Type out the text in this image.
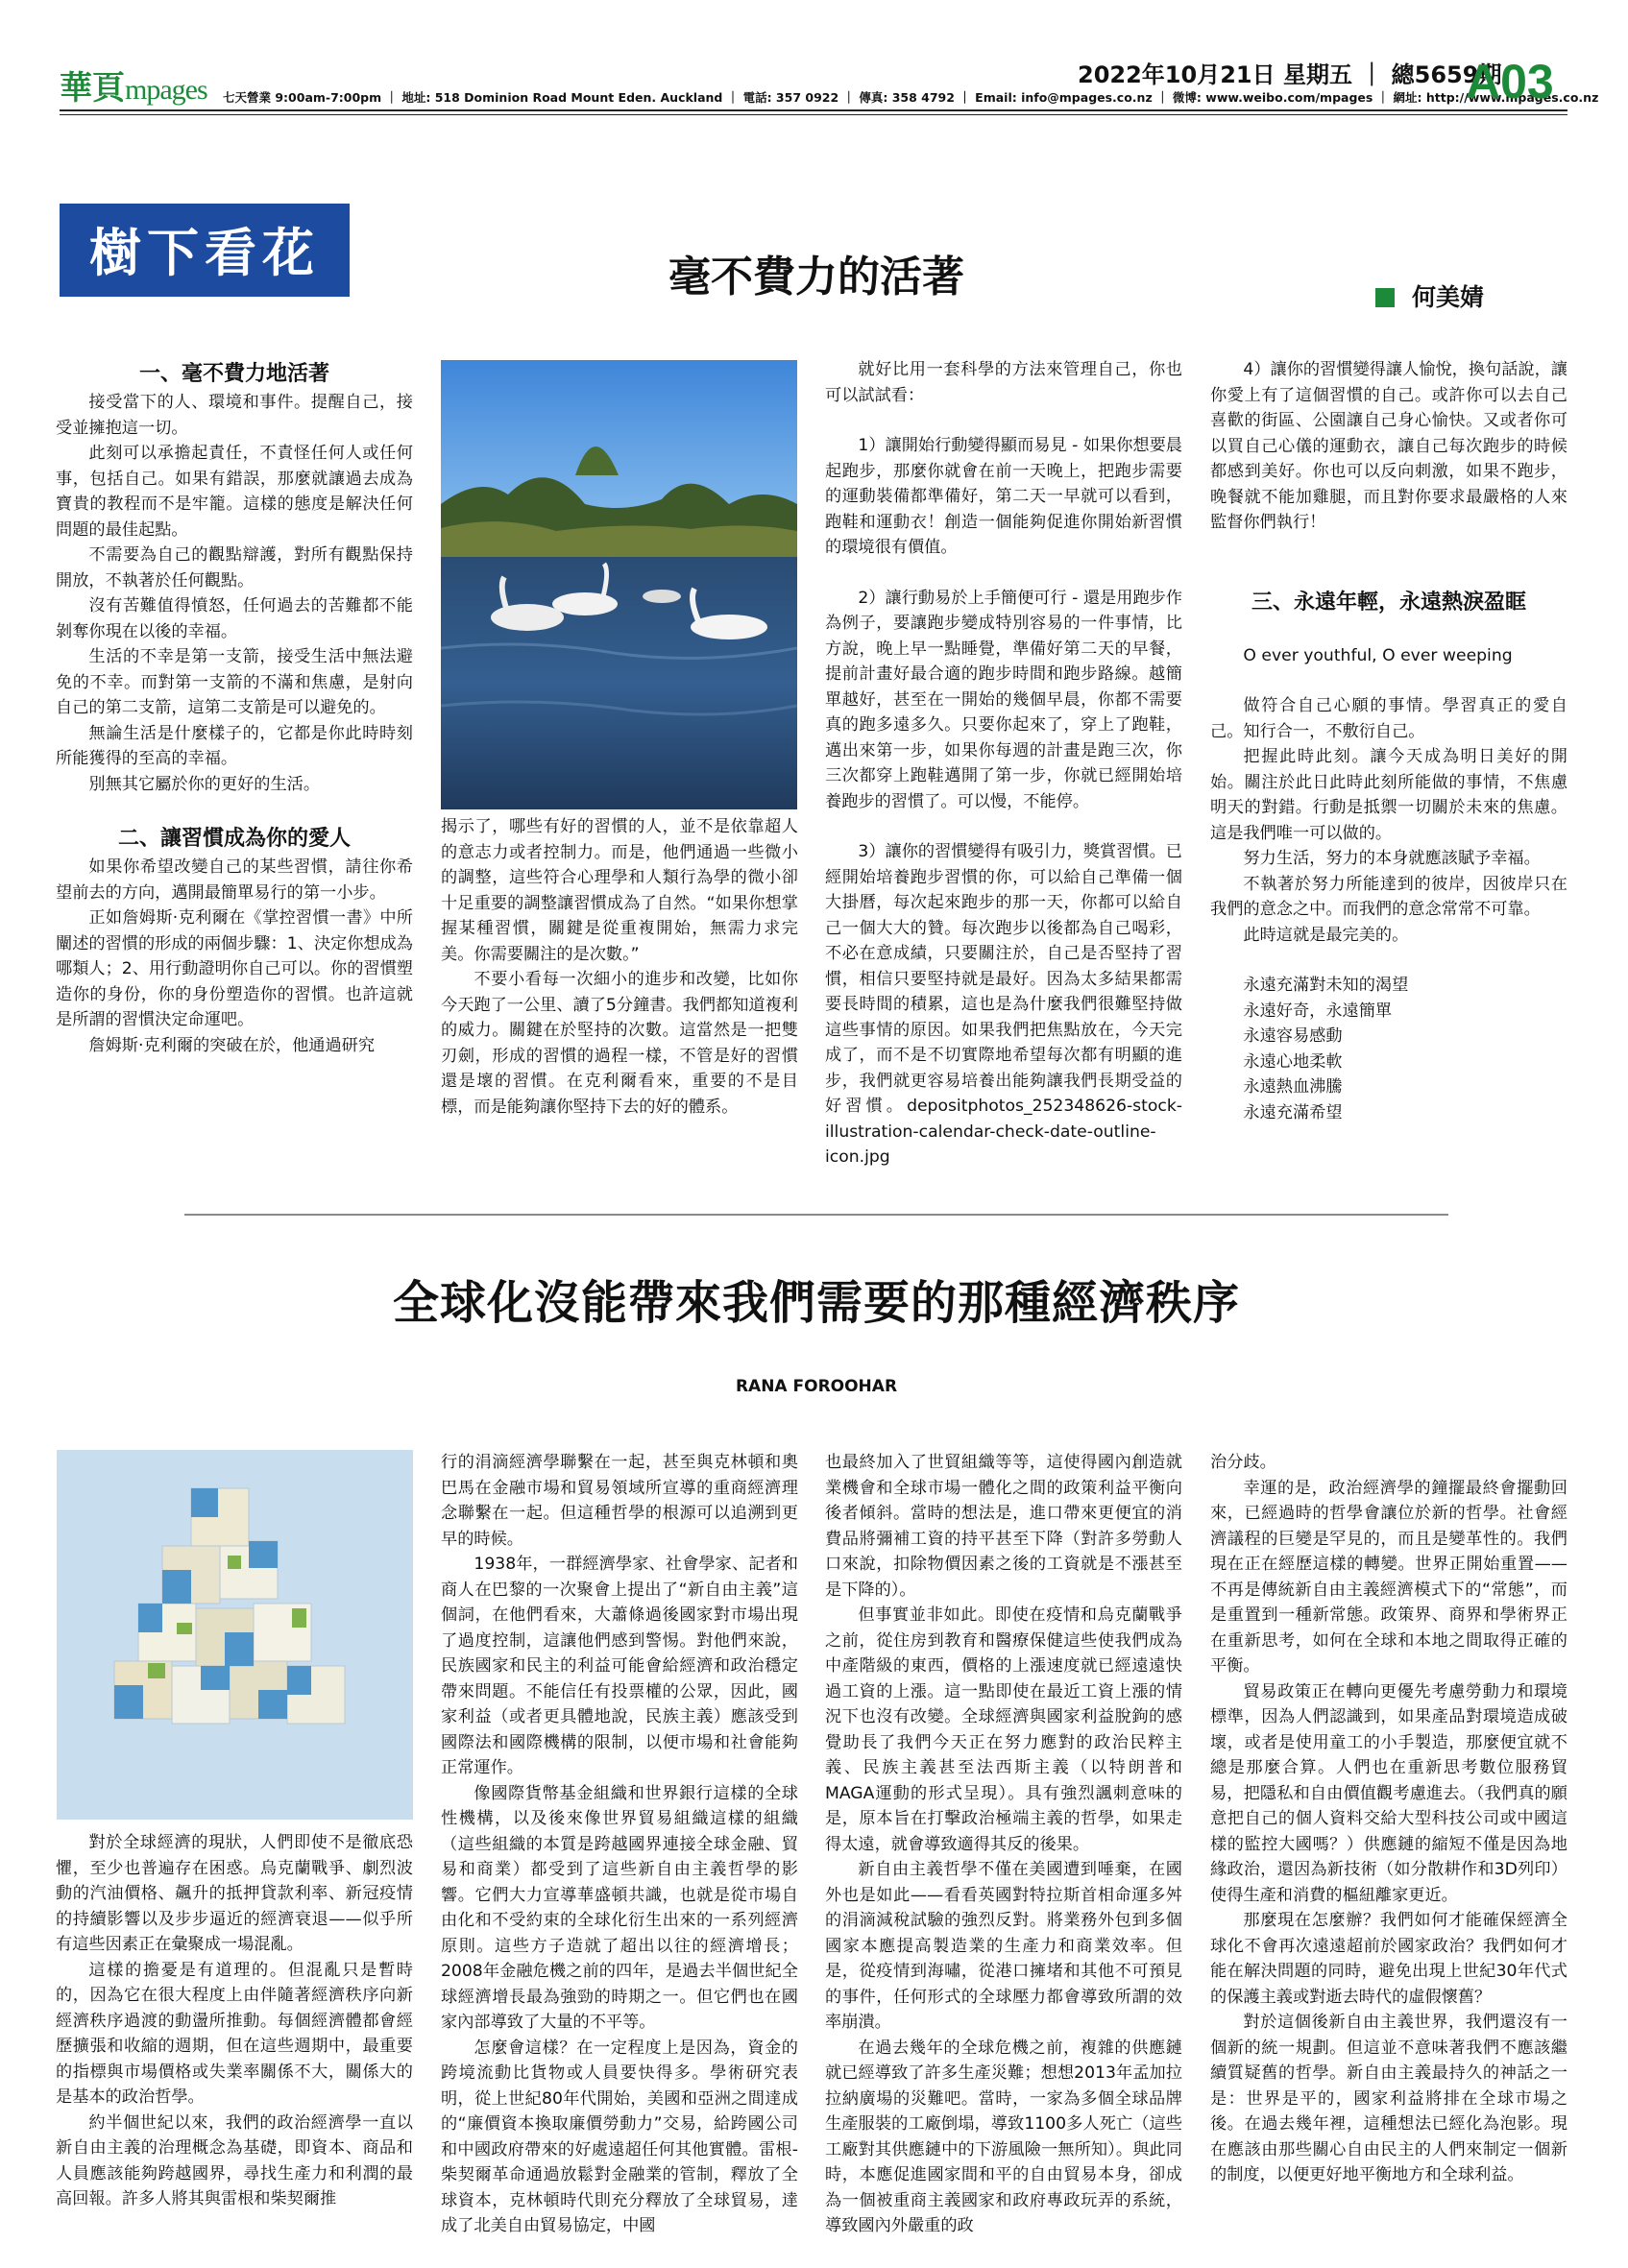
華頁mpages 七天營業 9:00am-7:00pm ｜ 地址: 518 Dominion Road Mount Eden. Auckland ｜ 電話: 357 0922 ｜ 傳真: 358 4792 ｜ Email: info@mpages.co.nz ｜ 微博: www.weibo.com/mpages ｜ 網址: http://www.mpages.co.nz
2022年10月21日 星期五 ｜ 總5659期
A03
樹下看花	毫不費力的活著	何美婧
一、毫不費力地活著

接受當下的人、環境和事件。提醒自己，接受並擁抱這一切。

此刻可以承擔起責任，不責怪任何人或任何事，包括自己。如果有錯誤，那麼就讓過去成為寶貴的教程而不是牢籠。這樣的態度是解決任何問題的最佳起點。

不需要為自己的觀點辯護，對所有觀點保持開放，不執著於任何觀點。

沒有苦難值得憤怒，任何過去的苦難都不能剝奪你現在以後的幸福。

生活的不幸是第一支箭，接受生活中無法避免的不幸。而對第一支箭的不滿和焦慮，是射向自己的第二支箭，這第二支箭是可以避免的。

無論生活是什麼樣子的，它都是你此時時刻所能獲得的至高的幸福。

別無其它屬於你的更好的生活。

二、讓習慣成為你的愛人

如果你希望改變自己的某些習慣，請往你希望前去的方向，邁開最簡單易行的第一小步。

正如詹姆斯·克利爾在《掌控習慣一書》中所闡述的習慣的形成的兩個步驟：1、決定你想成為哪類人；2、用行動證明你自己可以。你的習慣塑造你的身份，你的身份塑造你的習慣。也許這就是所謂的習慣決定命運吧。

詹姆斯·克利爾的突破在於，他通過研究

揭示了，哪些有好的習慣的人，並不是依靠超人的意志力或者控制力。而是，他們通過一些微小的調整，這些符合心理學和人類行為學的微小卻十足重要的調整讓習慣成為了自然。“如果你想掌握某種習慣，關鍵是從重複開始，無需力求完美。你需要關注的是次數。”

不要小看每一次細小的進步和改變，比如你今天跑了一公里、讀了5分鐘書。我們都知道複利的威力。關鍵在於堅持的次數。這當然是一把雙刃劍，形成的習慣的過程一樣，不管是好的習慣還是壞的習慣。在克利爾看來，重要的不是目標，而是能夠讓你堅持下去的好的體系。

就好比用一套科學的方法來管理自己，你也可以試試看：

1）讓開始行動變得顯而易見 - 如果你想要晨起跑步，那麼你就會在前一天晚上，把跑步需要的運動裝備都準備好，第二天一早就可以看到，跑鞋和運動衣！創造一個能夠促進你開始新習慣的環境很有價值。

2）讓行動易於上手簡便可行 - 還是用跑步作為例子，要讓跑步變成特別容易的一件事情，比方說，晚上早一點睡覺，準備好第二天的早餐，提前計畫好最合適的跑步時間和跑步路線。越簡單越好，甚至在一開始的幾個早晨，你都不需要真的跑多遠多久。只要你起來了，穿上了跑鞋，邁出來第一步，如果你每週的計畫是跑三次，你三次都穿上跑鞋邁開了第一步，你就已經開始培養跑步的習慣了。可以慢，不能停。

3）讓你的習慣變得有吸引力，獎賞習慣。已經開始培養跑步習慣的你，可以給自己準備一個大掛曆，每次起來跑步的那一天，你都可以給自己一個大大的贊。每次跑步以後都為自己喝彩，不必在意成績，只要關注於，自己是否堅持了習慣，相信只要堅持就是最好。因為太多結果都需要長時間的積累，這也是為什麼我們很難堅持做這些事情的原因。如果我們把焦點放在，今天完成了，而不是不切實際地希望每次都有明顯的進步，我們就更容易培養出能夠讓我們長期受益的好習慣。depositphotos_252348626-stock-illustration-calendar-check-date-outline-icon.jpg

4）讓你的習慣變得讓人愉悅，換句話說，讓你愛上有了這個習慣的自己。或許你可以去自己喜歡的街區、公園讓自己身心愉快。又或者你可以買自己心儀的運動衣，讓自己每次跑步的時候都感到美好。你也可以反向刺激，如果不跑步，晚餐就不能加雞腿，而且對你要求最嚴格的人來監督你們執行！

三、永遠年輕，永遠熱淚盈眶

O ever youthful, O ever weeping

做符合自己心願的事情。學習真正的愛自己。知行合一，不敷衍自己。

把握此時此刻。讓今天成為明日美好的開始。關注於此日此時此刻所能做的事情，不焦慮明天的對錯。行動是抵禦一切關於未來的焦慮。這是我們唯一可以做的。

努力生活，努力的本身就應該賦予幸福。

不執著於努力所能達到的彼岸，因彼岸只在我們的意念之中。而我們的意念常常不可靠。

此時這就是最完美的。

永遠充滿對未知的渴望

永遠好奇，永遠簡單

永遠容易感動

永遠心地柔軟

永遠熱血沸騰

永遠充滿希望

全球化沒能帶來我們需要的那種經濟秩序
RANA FOROOHAR

對於全球經濟的現狀，人們即使不是徹底恐懼，至少也普遍存在困惑。烏克蘭戰爭、劇烈波動的汽油價格、飆升的抵押貸款利率、新冠疫情的持續影響以及步步逼近的經濟衰退——似乎所有這些因素正在彙聚成一場混亂。

這樣的擔憂是有道理的。但混亂只是暫時的，因為它在很大程度上由伴隨著經濟秩序向新經濟秩序過渡的動盪所推動。每個經濟體都會經歷擴張和收縮的週期，但在這些週期中，最重要的指標與市場價格或失業率關係不大，關係大的是基本的政治哲學。

約半個世紀以來，我們的政治經濟學一直以新自由主義的治理概念為基礎，即資本、商品和人員應該能夠跨越國界，尋找生產力和利潤的最高回報。許多人將其與雷根和柴契爾推

行的涓滴經濟學聯繫在一起，甚至與克林頓和奧巴馬在金融市場和貿易領域所宣導的重商經濟理念聯繫在一起。但這種哲學的根源可以追溯到更早的時候。

1938年，一群經濟學家、社會學家、記者和商人在巴黎的一次聚會上提出了“新自由主義”這個詞，在他們看來，大蕭條過後國家對市場出現了過度控制，這讓他們感到警惕。對他們來說，民族國家和民主的利益可能會給經濟和政治穩定帶來問題。不能信任有投票權的公眾，因此，國家利益（或者更具體地說，民族主義）應該受到國際法和國際機構的限制，以便市場和社會能夠正常運作。

像國際貨幣基金組織和世界銀行這樣的全球性機構，以及後來像世界貿易組織這樣的組織（這些組織的本質是跨越國界連接全球金融、貿易和商業）都受到了這些新自由主義哲學的影響。它們大力宣導華盛頓共識，也就是從市場自由化和不受約束的全球化衍生出來的一系列經濟原則。這些方子造就了超出以往的經濟增長；2008年金融危機之前的四年，是過去半個世紀全球經濟增長最為強勁的時期之一。但它們也在國家內部導致了大量的不平等。

怎麼會這樣？在一定程度上是因為，資金的跨境流動比貨物或人員要快得多。學術研究表明，從上世紀80年代開始，美國和亞洲之間達成的“廉價資本換取廉價勞動力”交易，給跨國公司和中國政府帶來的好處遠超任何其他實體。雷根-柴契爾革命通過放鬆對金融業的管制，釋放了全球資本，克林頓時代則充分釋放了全球貿易，達成了北美自由貿易協定，中國

也最終加入了世貿組織等等，這使得國內創造就業機會和全球市場一體化之間的政策利益平衡向後者傾斜。當時的想法是，進口帶來更便宜的消費品將彌補工資的持平甚至下降（對許多勞動人口來說，扣除物價因素之後的工資就是不漲甚至是下降的）。

但事實並非如此。即使在疫情和烏克蘭戰爭之前，從住房到教育和醫療保健這些使我們成為中產階級的東西，價格的上漲速度就已經遠遠快過工資的上漲。這一點即使在最近工資上漲的情況下也沒有改變。全球經濟與國家利益脫鉤的感覺助長了我們今天正在努力應對的政治民粹主義、民族主義甚至法西斯主義（以特朗普和MAGA運動的形式呈現）。具有強烈諷刺意味的是，原本旨在打擊政治極端主義的哲學，如果走得太遠，就會導致適得其反的後果。

新自由主義哲學不僅在美國遭到唾棄，在國外也是如此——看看英國對特拉斯首相命運多舛的涓滴減稅試驗的強烈反對。將業務外包到多個國家本應提高製造業的生產力和商業效率。但是，從疫情到海嘯，從港口擁堵和其他不可預見的事件，任何形式的全球壓力都會導致所謂的效率崩潰。

在過去幾年的全球危機之前，複雜的供應鏈就已經導致了許多生產災難；想想2013年孟加拉拉納廣場的災難吧。當時，一家為多個全球品牌生產服裝的工廠倒塌，導致1100多人死亡（這些工廠對其供應鏈中的下游風險一無所知）。與此同時，本應促進國家間和平的自由貿易本身，卻成為一個被重商主義國家和政府專政玩弄的系統，導致國內外嚴重的政

治分歧。

幸運的是，政治經濟學的鐘擺最終會擺動回來，已經過時的哲學會讓位於新的哲學。社會經濟議程的巨變是罕見的，而且是變革性的。我們現在正在經歷這樣的轉變。世界正開始重置——不再是傳統新自由主義經濟模式下的“常態”，而是重置到一種新常態。政策界、商界和學術界正在重新思考，如何在全球和本地之間取得正確的平衡。

貿易政策正在轉向更優先考慮勞動力和環境標準，因為人們認識到，如果產品對環境造成破壞，或者是使用童工的小手製造，那麼便宜就不總是那麼合算。人們也在重新思考數位服務貿易，把隱私和自由價值觀考慮進去。（我們真的願意把自己的個人資料交給大型科技公司或中國這樣的監控大國嗎？）供應鏈的縮短不僅是因為地緣政治，還因為新技術（如分散耕作和3D列印）使得生產和消費的樞紐離家更近。

那麼現在怎麼辦？我們如何才能確保經濟全球化不會再次遠遠超前於國家政治？我們如何才能在解決問題的同時，避免出現上世紀30年代式的保護主義或對逝去時代的虛假懷舊？

對於這個後新自由主義世界，我們還沒有一個新的統一規劃。但這並不意味著我們不應該繼續質疑舊的哲學。新自由主義最持久的神話之一是：世界是平的，國家利益將排在全球市場之後。在過去幾年裡，這種想法已經化為泡影。現在應該由那些關心自由民主的人們來制定一個新的制度，以便更好地平衡地方和全球利益。
